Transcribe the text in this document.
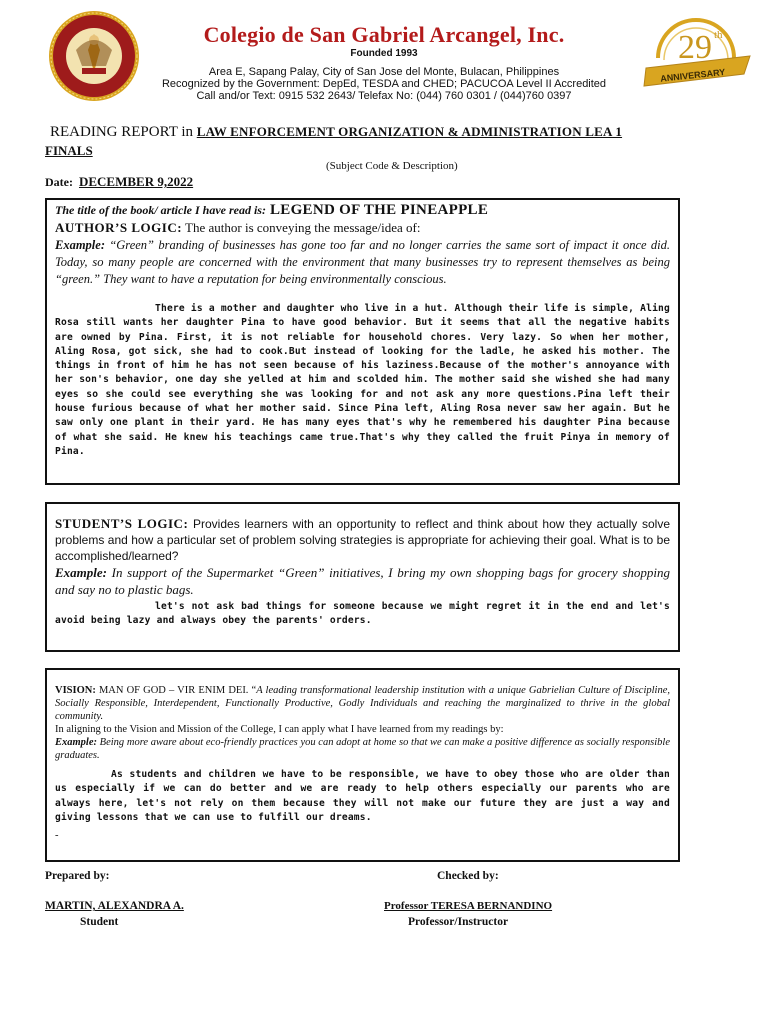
29 th
ANNIVERSARY
Colegio de San Gabriel Arcangel, Inc.
Founded 1993
Area E, Sapang Palay, City of San Jose del Monte, Bulacan, Philippines
Recognized by the Government: DepEd, TESDA and CHED; PACUCOA Level II Accredited
Call and/or Text: 0915 532 2643/ Telefax No: (044) 760 0301 / (044)760 0397
READING REPORT in LAW ENFORCEMENT ORGANIZATION & ADMINISTRATION LEA 1
FINALS
(Subject Code & Description)
Date: DECEMBER 9,2022
The title of the book/ article I have read is: LEGEND OF THE PINEAPPLE
AUTHOR’S LOGIC: The author is conveying the message/idea of:
Example: “Green” branding of businesses has gone too far and no longer carries the same sort of impact it once did. Today, so many people are concerned with the environment that many businesses try to represent themselves as being “green.” They want to have a reputation for being environmentally conscious.
There is a mother and daughter who live in a hut. Although their life is simple, Aling Rosa still wants her daughter Pina to have good behavior. But it seems that all the negative habits are owned by Pina. First, it is not reliable for household chores. Very lazy. So when her mother, Aling Rosa, got sick, she had to cook.But instead of looking for the ladle, he asked his mother. The things in front of him he has not seen because of his laziness.Because of the mother's annoyance with her son's behavior, one day she yelled at him and scolded him. The mother said she wished she had many eyes so she could see everything she was looking for and not ask any more questions.Pina left their house furious because of what her mother said. Since Pina left, Aling Rosa never saw her again. But he saw only one plant in their yard. He has many eyes that's why he remembered his daughter Pina because of what she said. He knew his teachings came true.That's why they called the fruit Pinya in memory of Pina.
STUDENT’S LOGIC: Provides learners with an opportunity to reflect and think about how they actually solve problems and how a particular set of problem solving strategies is appropriate for achieving their goal. What is to be accomplished/learned?
Example: In support of the Supermarket “Green” initiatives, I bring my own shopping bags for grocery shopping and say no to plastic bags.
let's not ask bad things for someone because we might regret it in the end and let's avoid being lazy and always obey the parents' orders.
VISION: MAN OF GOD – VIR ENIM DEI. “A leading transformational leadership institution with a unique Gabrielian Culture of Discipline, Socially Responsible, Interdependent, Functionally Productive, Godly Individuals and reaching the marginalized to thrive in the global community.
In aligning to the Vision and Mission of the College, I can apply what I have learned from my readings by:
Example: Being more aware about eco-friendly practices you can adopt at home so that we can make a positive difference as socially responsible graduates.
As students and children we have to be responsible, we have to obey those who are older than us especially if we can do better and we are ready to help others especially our parents who are always here, let's not rely on them because they will not make our future they are just a way and giving lessons that we can use to fulfill our dreams.
-
Prepared by:	Checked by:
MARTIN, ALEXANDRA A.
Student
Professor TERESA BERNANDINO
Professor/Instructor
